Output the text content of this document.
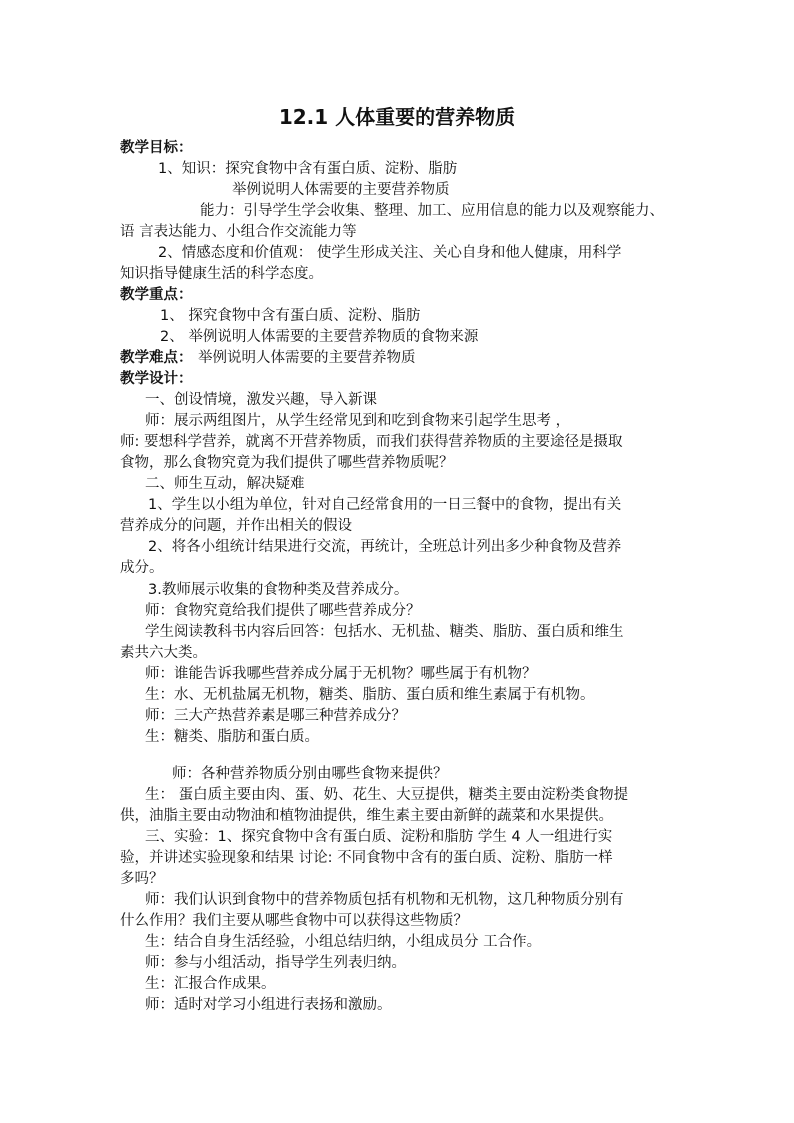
12.1 人体重要的营养物质
教学目标：
1、知识：探究食物中含有蛋白质、淀粉、脂肪
举例说明人体需要的主要营养物质
能力：引导学生学会收集、整理、加工、应用信息的能力以及观察能力、
语 言表达能力、小组合作交流能力等
2、情感态度和价值观： 使学生形成关注、关心自身和他人健康，用科学
知识指导健康生活的科学态度。
教学重点：
1、 探究食物中含有蛋白质、淀粉、脂肪
2、 举例说明人体需要的主要营养物质的食物来源
教学难点： 举例说明人体需要的主要营养物质
教学设计：
一、创设情境，激发兴趣，导入新课
师：展示两组图片，从学生经常见到和吃到食物来引起学生思考 ，
师: 要想科学营养，就离不开营养物质，而我们获得营养物质的主要途径是摄取
食物，那么食物究竟为我们提供了哪些营养物质呢？
二、师生互动，解决疑难
1、学生以小组为单位，针对自己经常食用的一日三餐中的食物，提出有关
营养成分的问题，并作出相关的假设
2、将各小组统计结果进行交流，再统计，全班总计列出多少种食物及营养
成分。
3.教师展示收集的食物种类及营养成分。
师：食物究竟给我们提供了哪些营养成分？
学生阅读教科书内容后回答：包括水、无机盐、糖类、脂肪、蛋白质和维生
素共六大类。
师：谁能告诉我哪些营养成分属于无机物？哪些属于有机物？
生：水、无机盐属无机物，糖类、脂肪、蛋白质和维生素属于有机物。
师：三大产热营养素是哪三种营养成分？
生：糖类、脂肪和蛋白质。
师：各种营养物质分别由哪些食物来提供？
生： 蛋白质主要由肉、蛋、奶、花生、大豆提供，糖类主要由淀粉类食物提
供，油脂主要由动物油和植物油提供，维生素主要由新鲜的蔬菜和水果提供。
三、实验：1、探究食物中含有蛋白质、淀粉和脂肪 学生 4 人一组进行实
验，并讲述实验现象和结果 讨论: 不同食物中含有的蛋白质、淀粉、脂肪一样
多吗？
师：我们认识到食物中的营养物质包括有机物和无机物，这几种物质分别有
什么作用？我们主要从哪些食物中可以获得这些物质？
生：结合自身生活经验，小组总结归纳，小组成员分 工合作。
师：参与小组活动，指导学生列表归纳。
生：汇报合作成果。
师：适时对学习小组进行表扬和激励。
